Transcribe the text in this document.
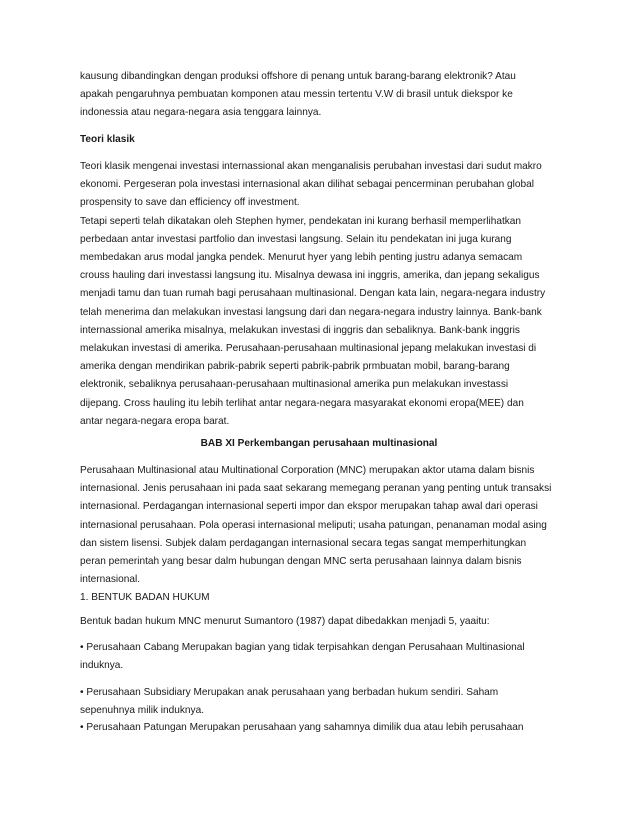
kausung dibandingkan dengan produksi offshore di penang untuk barang-barang elektronik? Atau
apakah pengaruhnya pembuatan komponen atau messin tertentu V.W di brasil untuk diekspor ke
indonessia atau negara-negara asia tenggara lainnya.
Teori klasik
Teori klasik mengenai investasi internassional akan menganalisis perubahan investasi dari sudut makro
ekonomi. Pergeseran pola investasi internasional akan dilihat sebagai pencerminan perubahan global
prospensity to save dan efficiency off investment.
Tetapi seperti telah dikatakan oleh Stephen hymer, pendekatan ini kurang berhasil memperlihatkan
perbedaan antar investasi partfolio dan investasi langsung. Selain itu pendekatan ini juga kurang
membedakan arus modal jangka pendek. Menurut hyer yang lebih penting justru adanya semacam
crouss hauling dari investassi langsung itu. Misalnya dewasa ini inggris, amerika, dan jepang sekaligus
menjadi tamu dan tuan rumah bagi perusahaan multinasional. Dengan kata lain, negara-negara industry
telah menerima dan melakukan investasi langsung dari dan negara-negara industry lainnya. Bank-bank
internassional amerika misalnya, melakukan investasi di inggris dan sebaliknya. Bank-bank inggris
melakukan investasi di amerika. Perusahaan-perusahaan multinasional jepang melakukan investasi di
amerika dengan mendirikan pabrik-pabrik seperti pabrik-pabrik prmbuatan mobil, barang-barang
elektronik, sebaliknya perusahaan-perusahaan multinasional amerika pun melakukan investassi
dijepang. Cross hauling itu lebih terlihat antar negara-negara masyarakat ekonomi eropa(MEE) dan
antar negara-negara eropa barat.
BAB XI Perkembangan perusahaan multinasional
Perusahaan Multinasional atau Multinational Corporation (MNC) merupakan aktor utama dalam bisnis
internasional. Jenis perusahaan ini pada saat sekarang memegang peranan yang penting untuk transaksi
internasional. Perdagangan internasional seperti impor dan ekspor merupakan tahap awal dari operasi
internasional perusahaan. Pola operasi internasional meliputi; usaha patungan, penanaman modal asing
dan sistem lisensi. Subjek dalam perdagangan internasional secara tegas sangat memperhitungkan
peran pemerintah yang besar dalm hubungan dengan MNC serta perusahaan lainnya dalam bisnis
internasional.
1. BENTUK BADAN HUKUM
Bentuk badan hukum MNC menurut Sumantoro (1987) dapat dibedakkan menjadi 5, yaaitu:
• Perusahaan Cabang Merupakan bagian yang tidak terpisahkan dengan Perusahaan Multinasional
induknya.
• Perusahaan Subsidiary Merupakan anak perusahaan yang berbadan hukum sendiri. Saham
sepenuhnya milik induknya.
• Perusahaan Patungan Merupakan perusahaan yang sahamnya dimilik dua atau lebih perusahaan
